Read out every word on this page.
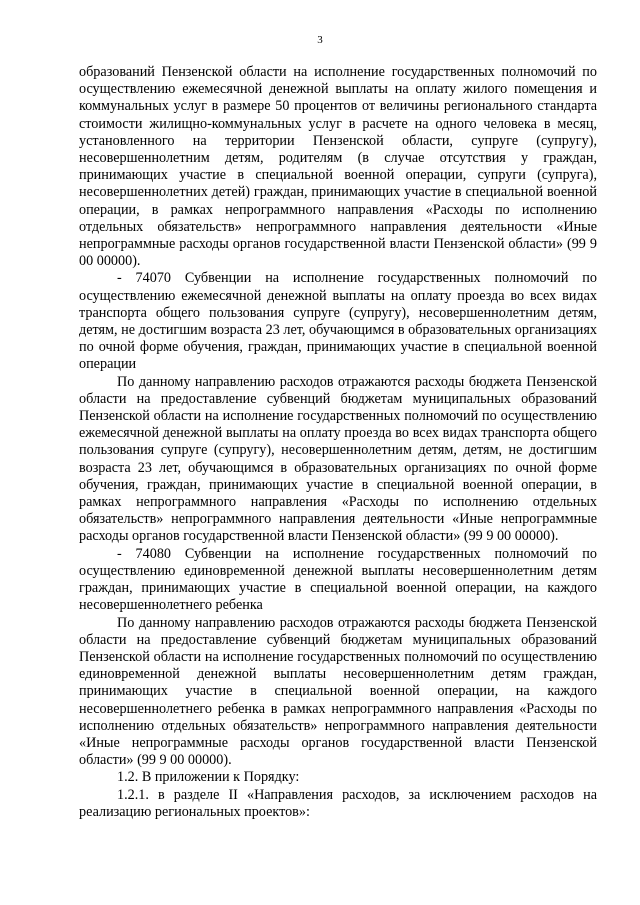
3

образований Пензенской области на исполнение государственных полномочий по осуществлению ежемесячной денежной выплаты на оплату жилого помещения и коммунальных услуг в размере 50 процентов от величины регионального стандарта стоимости жилищно-коммунальных услуг в расчете на одного человека в месяц, установленного на территории Пензенской области, супруге (супругу), несовершеннолетним детям, родителям (в случае отсутствия у граждан, принимающих участие в специальной военной операции, супруги (супруга), несовершеннолетних детей) граждан, принимающих участие в специальной военной операции, в рамках непрограммного направления «Расходы по исполнению отдельных обязательств» непрограммного направления деятельности «Иные непрограммные расходы органов государственной власти Пензенской области» (99 9 00 00000).

- 74070 Субвенции на исполнение государственных полномочий по осуществлению ежемесячной денежной выплаты на оплату проезда во всех видах транспорта общего пользования супруге (супругу), несовершеннолетним детям, детям, не достигшим возраста 23 лет, обучающимся в образовательных организациях по очной форме обучения, граждан, принимающих участие в специальной военной операции

По данному направлению расходов отражаются расходы бюджета Пензенской области на предоставление субвенций бюджетам муниципальных образований Пензенской области на исполнение государственных полномочий по осуществлению ежемесячной денежной выплаты на оплату проезда во всех видах транспорта общего пользования супруге (супругу), несовершеннолетним детям, детям, не достигшим возраста 23 лет, обучающимся в образовательных организациях по очной форме обучения, граждан, принимающих участие в специальной военной операции, в рамках непрограммного направления «Расходы по исполнению отдельных обязательств» непрограммного направления деятельности «Иные непрограммные расходы органов государственной власти Пензенской области» (99 9 00 00000).

- 74080 Субвенции на исполнение государственных полномочий по осуществлению единовременной денежной выплаты несовершеннолетним детям граждан, принимающих участие в специальной военной операции, на каждого несовершеннолетнего ребенка

По данному направлению расходов отражаются расходы бюджета Пензенской области на предоставление субвенций бюджетам муниципальных образований Пензенской области на исполнение государственных полномочий по осуществлению единовременной денежной выплаты несовершеннолетним детям граждан, принимающих участие в специальной военной операции, на каждого несовершеннолетнего ребенка в рамках непрограммного направления «Расходы по исполнению отдельных обязательств» непрограммного направления деятельности «Иные непрограммные расходы органов государственной власти Пензенской области» (99 9 00 00000).

1.2. В приложении к Порядку:

1.2.1. в разделе II «Направления расходов, за исключением расходов на реализацию региональных проектов»:
